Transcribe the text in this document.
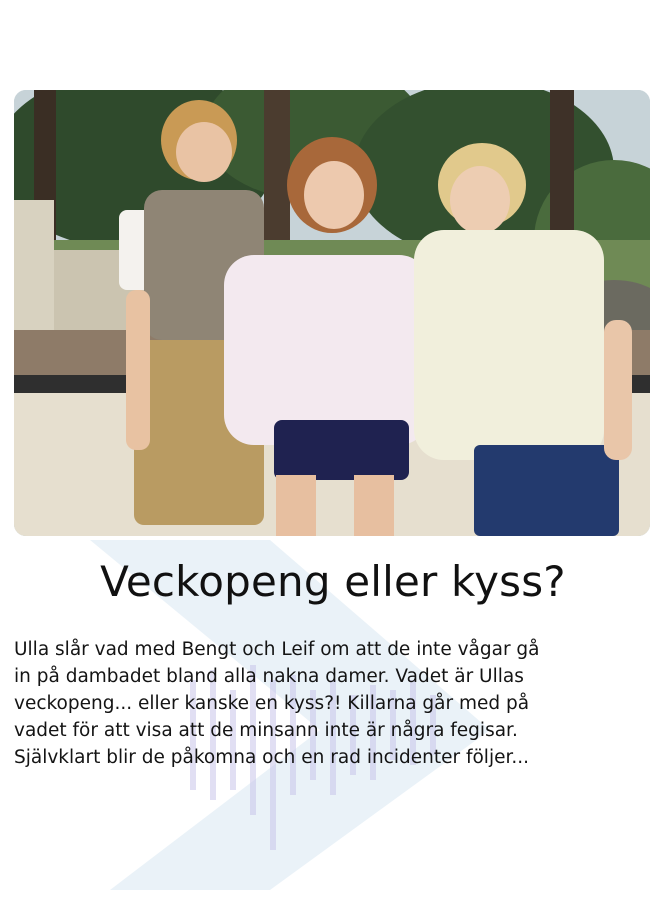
Veckopeng eller kyss?

Ulla slår vad med Bengt och Leif om att de inte vågar gå
in på dambadet bland alla nakna damer. Vadet är Ullas
veckopeng... eller kanske en kyss?! Killarna går med på
vadet för att visa att de minsann inte är några fegisar.
Självklart blir de påkomna och en rad incidenter följer...
